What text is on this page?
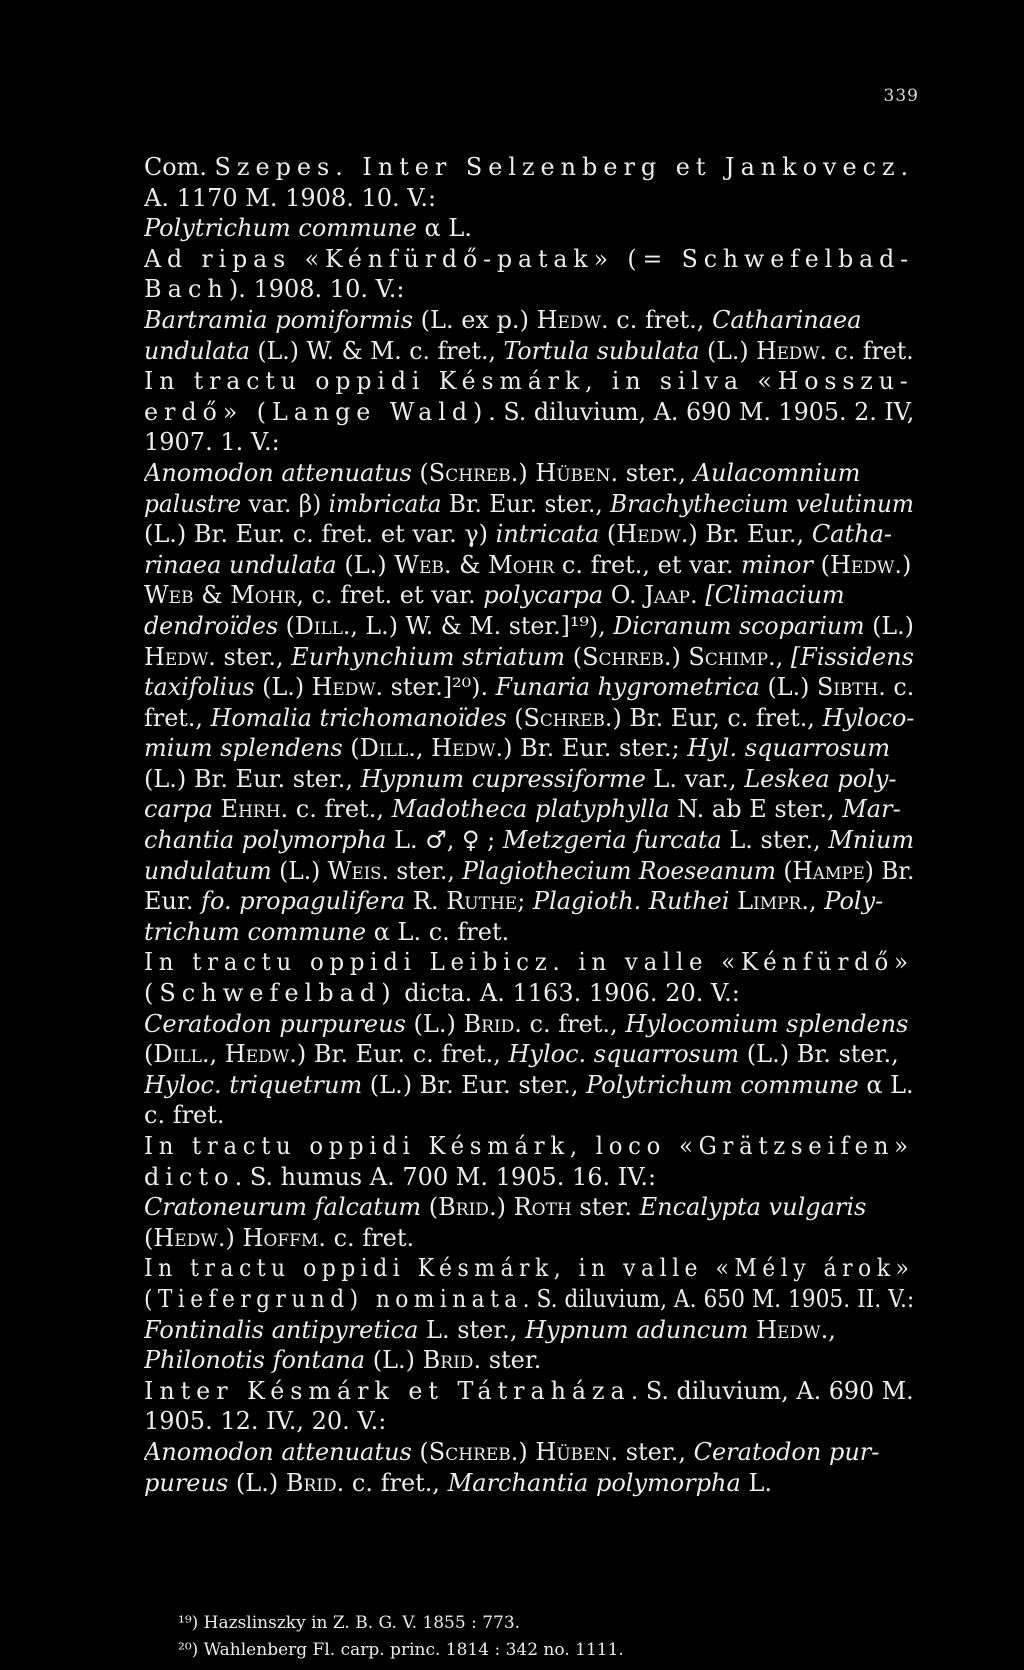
339
Com. Szepes. Inter Selzenberg et Jankovecz.
A. 1170 M. 1908. 10. V.:
Polytrichum commune α L.
Ad ripas «Kénfürdő-patak» (= Schwefelbad-
Bach). 1908. 10. V.:
Bartramia pomiformis (L. ex p.) Hedw. c. fret., Catharinaea
undulata (L.) W. & M. c. fret., Tortula subulata (L.) Hedw. c. fret.
In tractu oppidi Késmárk, in silva «Hosszu-
erdő» (Lange Wald). S. diluvium, A. 690 M. 1905. 2. IV,
1907. 1. V.:
Anomodon attenuatus (Schreb.) Hüben. ster., Aulacomnium
palustre var. β) imbricata Br. Eur. ster., Brachythecium velutinum
(L.) Br. Eur. c. fret. et var. γ) intricata (Hedw.) Br. Eur., Catha-
rinaea undulata (L.) Web. & Mohr c. fret., et var. minor (Hedw.)
Web & Mohr, c. fret. et var. polycarpa O. Jaap. [Climacium
dendroïdes (Dill., L.) W. & M. ster.]¹⁹), Dicranum scoparium (L.)
Hedw. ster., Eurhynchium striatum (Schreb.) Schimp., [Fissidens
taxifolius (L.) Hedw. ster.]²⁰). Funaria hygrometrica (L.) Sibth. c.
fret., Homalia trichomanoïdes (Schreb.) Br. Eur, c. fret., Hyloco-
mium splendens (Dill., Hedw.) Br. Eur. ster.; Hyl. squarrosum
(L.) Br. Eur. ster., Hypnum cupressiforme L. var., Leskea poly-
carpa Ehrh. c. fret., Madotheca platyphylla N. ab E ster., Mar-
chantia polymorpha L. ♂, ♀ ; Metzgeria furcata L. ster., Mnium
undulatum (L.) Weis. ster., Plagiothecium Roeseanum (Hampe) Br.
Eur. fo. propagulifera R. Ruthe; Plagioth. Ruthei Limpr., Poly-
trichum commune α L. c. fret.
In tractu oppidi Leibicz. in valle «Kénfürdő»
(Schwefelbad) dicta. A. 1163. 1906. 20. V.:
Ceratodon purpureus (L.) Brid. c. fret., Hylocomium splendens
(Dill., Hedw.) Br. Eur. c. fret., Hyloc. squarrosum (L.) Br. ster.,
Hyloc. triquetrum (L.) Br. Eur. ster., Polytrichum commune α L.
c. fret.
In tractu oppidi Késmárk, loco «Grätzseifen»
dicto. S. humus A. 700 M. 1905. 16. IV.:
Cratoneurum falcatum (Brid.) Roth ster. Encalypta vulgaris
(Hedw.) Hoffm. c. fret.
In tractu oppidi Késmárk, in valle «Mély árok»
(Tiefergrund) nominata. S. diluvium, A. 650 M. 1905. II. V.:
Fontinalis antipyretica L. ster., Hypnum aduncum Hedw.,
Philonotis fontana (L.) Brid. ster.
Inter Késmárk et Tátraháza. S. diluvium, A. 690 M.
1905. 12. IV., 20. V.:
Anomodon attenuatus (Schreb.) Hüben. ster., Ceratodon pur-
pureus (L.) Brid. c. fret., Marchantia polymorpha L.
¹⁹) Hazslinszky in Z. B. G. V. 1855 : 773.
²⁰) Wahlenberg Fl. carp. princ. 1814 : 342 no. 1111.
